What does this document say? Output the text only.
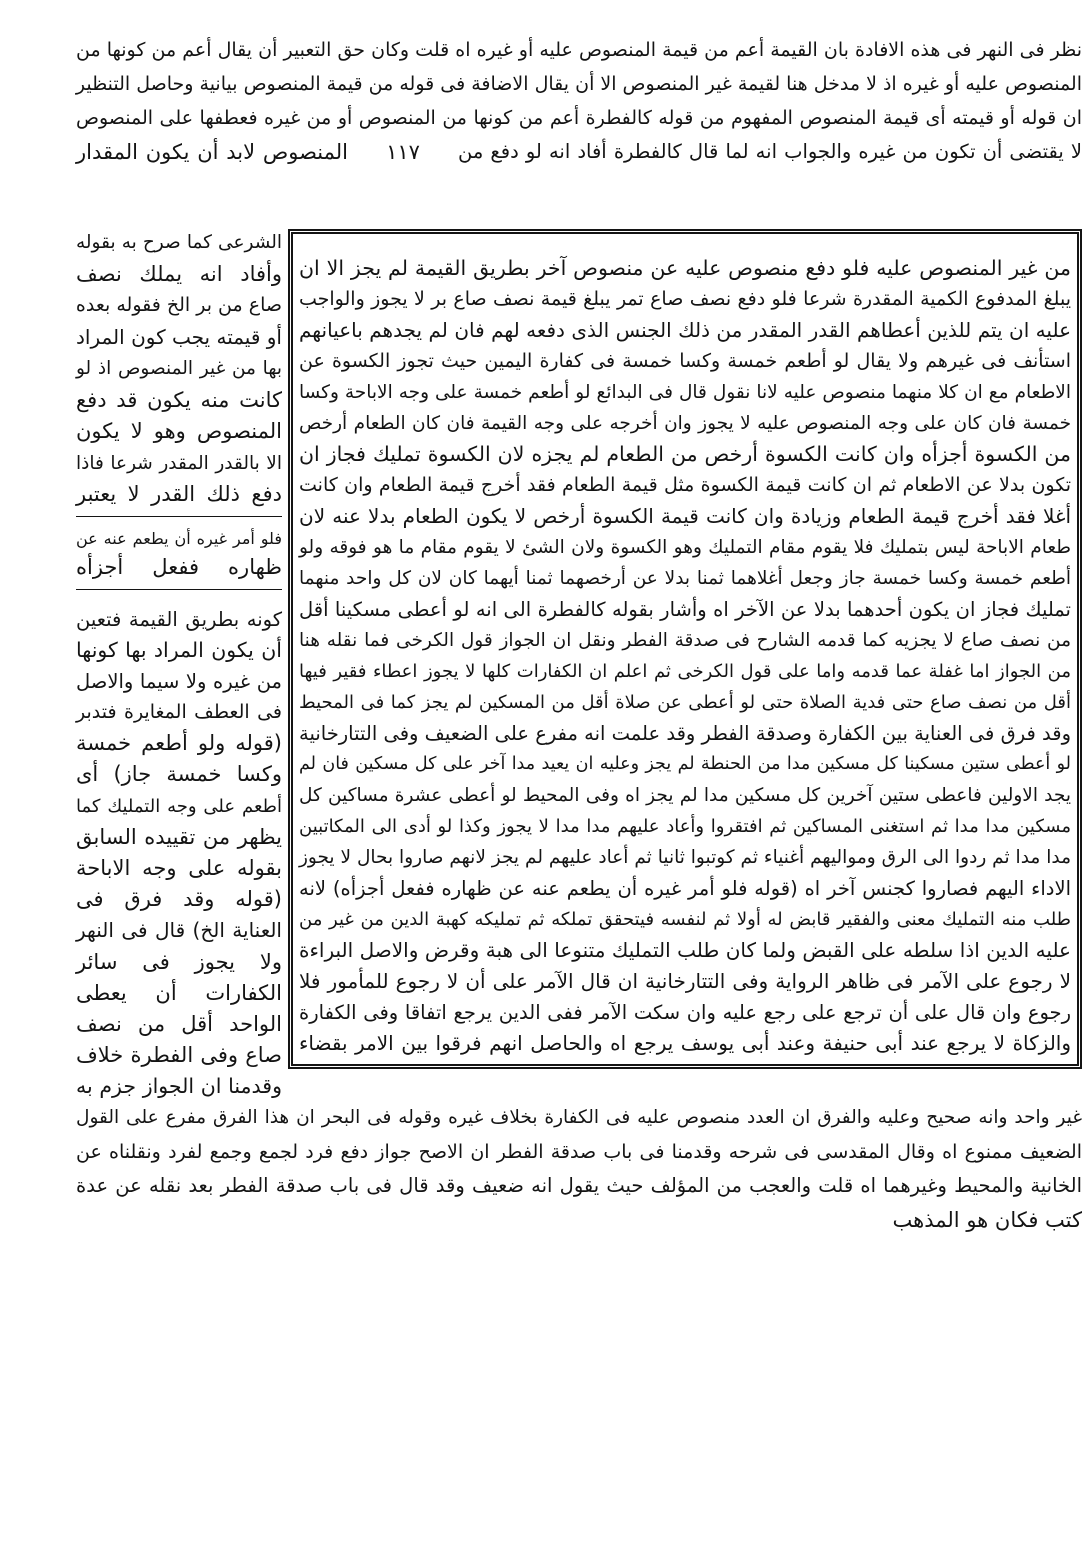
نظر فى النهر فى هذه الافادة بان القيمة أعم من قيمة المنصوص عليه أو غيره اه قلت وكان حق التعبير أن يقال أعم من كونها من
المنصوص عليه أو غيره اذ لا مدخل هنا لقيمة غير المنصوص الا أن يقال الاضافة فى قوله من قيمة المنصوص بيانية وحاصل التنظير
ان قوله أو قيمته أى قيمة المنصوص المفهوم من قوله كالفطرة أعم من كونها من المنصوص أو من غيره فعطفها على المنصوص
لا يقتضى أن تكون من غيره والجواب انه لما قال كالفطرة أفاد انه لو دفع من
١١٧
المنصوص لابد أن يكون المقدار
من غير المنصوص عليه فلو دفع منصوص عليه عن منصوص آخر بطريق القيمة لم يجز الا ان
يبلغ المدفوع الكمية المقدرة شرعا فلو دفع نصف صاع تمر يبلغ قيمة نصف صاع بر لا يجوز والواجب
عليه ان يتم للذين أعطاهم القدر المقدر من ذلك الجنس الذى دفعه لهم فان لم يجدهم باعيانهم
استأنف فى غيرهم ولا يقال لو أطعم خمسة وكسا خمسة فى كفارة اليمين حيث تجوز الكسوة عن
الاطعام مع ان كلا منهما منصوص عليه لانا نقول قال فى البدائع لو أطعم خمسة على وجه الاباحة وكسا
خمسة فان كان على وجه المنصوص عليه لا يجوز وان أخرجه على وجه القيمة فان كان الطعام أرخص
من الكسوة أجزأه وان كانت الكسوة أرخص من الطعام لم يجزه لان الكسوة تمليك فجاز ان
تكون بدلا عن الاطعام ثم ان كانت قيمة الكسوة مثل قيمة الطعام فقد أخرج قيمة الطعام وان كانت
أغلا فقد أخرج قيمة الطعام وزيادة وان كانت قيمة الكسوة أرخص لا يكون الطعام بدلا عنه لان
طعام الاباحة ليس بتمليك فلا يقوم مقام التمليك وهو الكسوة ولان الشئ لا يقوم مقام ما هو فوقه ولو
أطعم خمسة وكسا خمسة جاز وجعل أغلاهما ثمنا بدلا عن أرخصهما ثمنا أيهما كان لان كل واحد منهما
تمليك فجاز ان يكون أحدهما بدلا عن الآخر اه وأشار بقوله كالفطرة الى انه لو أعطى مسكينا أقل
من نصف صاع لا يجزيه كما قدمه الشارح فى صدقة الفطر ونقل ان الجواز قول الكرخى فما نقله هنا
من الجواز اما غفلة عما قدمه واما على قول الكرخى ثم اعلم ان الكفارات كلها لا يجوز اعطاء فقير فيها
أقل من نصف صاع حتى فدية الصلاة حتى لو أعطى عن صلاة أقل من المسكين لم يجز كما فى المحيط
وقد فرق فى العناية بين الكفارة وصدقة الفطر وقد علمت انه مفرع على الضعيف وفى التتارخانية
لو أعطى ستين مسكينا كل مسكين مدا من الحنطة لم يجز وعليه ان يعيد مدا آخر على كل مسكين فان لم
يجد الاولين فاعطى ستين آخرين كل مسكين مدا لم يجز اه وفى المحيط لو أعطى عشرة مساكين كل
مسكين مدا مدا ثم استغنى المساكين ثم افتقروا وأعاد عليهم مدا مدا لا يجوز وكذا لو أدى الى المكاتبين
مدا مدا ثم ردوا الى الرق ومواليهم أغنياء ثم كوتبوا ثانيا ثم أعاد عليهم لم يجز لانهم صاروا بحال لا يجوز
الاداء اليهم فصاروا كجنس آخر اه (قوله فلو أمر غيره أن يطعم عنه عن ظهاره ففعل أجزأه) لانه
طلب منه التمليك معنى والفقير قابض له أولا ثم لنفسه فيتحقق تملكه ثم تمليكه كهبة الدين من غير من
عليه الدين اذا سلطه على القبض ولما كان طلب التمليك متنوعا الى هبة وقرض والاصل البراءة
لا رجوع على الآمر فى ظاهر الرواية وفى التتارخانية ان قال الآمر على أن لا رجوع للمأمور فلا
رجوع وان قال على أن ترجع على رجع عليه وان سكت الآمر ففى الدين يرجع اتفاقا وفى الكفارة
والزكاة لا يرجع عند أبى حنيفة وعند أبى يوسف يرجع اه والحاصل انهم فرقوا بين الامر بقضاء
الشرعى كما صرح به بقوله
وأفاد انه يملك نصف
صاع من بر الخ فقوله بعده
أو قيمته يجب كون المراد
بها من غير المنصوص اذ لو
كانت منه يكون قد دفع
المنصوص وهو لا يكون
الا بالقدر المقدر شرعا فاذا
دفع ذلك القدر لا يعتبر
فلو أمر غيره أن يطعم عنه عن
ظهاره ففعل أجزأه
كونه بطريق القيمة فتعين
أن يكون المراد بها كونها
من غيره ولا سيما والاصل
فى العطف المغايرة فتدبر
(قوله ولو أطعم خمسة
وكسا خمسة جاز) أى
أطعم على وجه التمليك كما
يظهر من تقييده السابق
بقوله على وجه الاباحة
(قوله وقد فرق فى
العناية الخ) قال فى النهر
ولا يجوز فى سائر
الكفارات أن يعطى
الواحد أقل من نصف
صاع وفى الفطرة خلاف
وقدمنا ان الجواز جزم به
غير واحد وانه صحيح وعليه والفرق ان العدد منصوص عليه فى الكفارة بخلاف غيره وقوله فى البحر ان هذا الفرق مفرع على القول
الضعيف ممنوع اه وقال المقدسى فى شرحه وقدمنا فى باب صدقة الفطر ان الاصح جواز دفع فرد لجمع وجمع لفرد ونقلناه عن
الخانية والمحيط وغيرهما اه قلت والعجب من المؤلف حيث يقول انه ضعيف وقد قال فى باب صدقة الفطر بعد نقله عن عدة
كتب فكان هو المذهب
